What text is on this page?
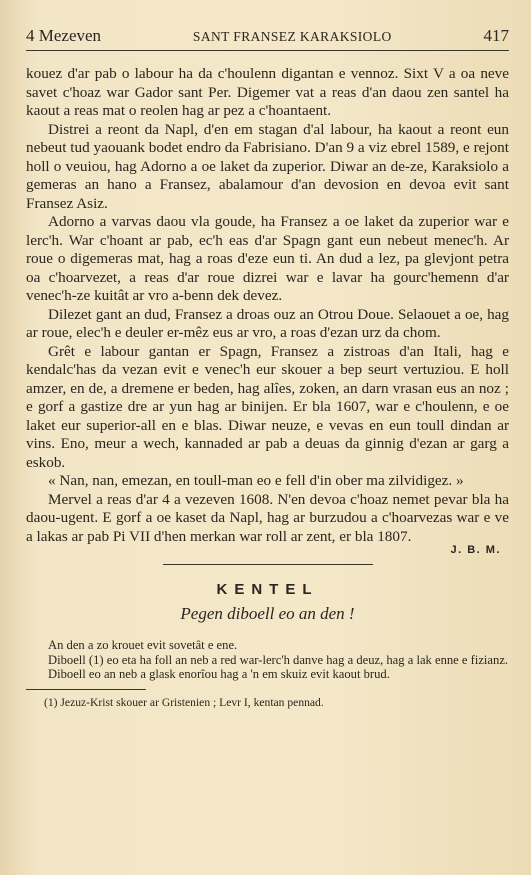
4 Mezeven	SANT FRANSEZ KARAKSIOLO	417

kouez d'ar pab o labour ha da c'houlenn digantan e vennoz. Sixt V a oa neve savet c'hoaz war Gador sant Per. Digemer vat a reas d'an daou zen santel ha kaout a reas mat o reolen hag ar pez a c'hoantaent.

Distrei a reont da Napl, d'en em stagan d'al labour, ha kaout a reont eun nebeut tud yaouank bodet endro da Fabrisiano. D'an 9 a viz ebrel 1589, e rejont holl o veuiou, hag Adorno a oe laket da zuperior. Diwar an de-ze, Karaksiolo a gemeras an hano a Fransez, abalamour d'an devosion en devoa evit sant Fransez Asiz.

Adorno a varvas daou vla goude, ha Fransez a oe laket da zuperior war e lerc'h. War c'hoant ar pab, ec'h eas d'ar Spagn gant eun nebeut menec'h. Ar roue o digemeras mat, hag a roas d'eze eun ti. An dud a lez, pa glevjont petra oa c'hoarvezet, a reas d'ar roue dizrei war e lavar ha gourc'hemenn d'ar venec'h-ze kuitât ar vro a-benn dek devez.

Dilezet gant an dud, Fransez a droas ouz an Otrou Doue. Selaouet a oe, hag ar roue, elec'h e deuler er-mêz eus ar vro, a roas d'ezan urz da chom.

Grêt e labour gantan er Spagn, Fransez a zistroas d'an Itali, hag e kendalc'has da vezan evit e venec'h eur skouer a bep seurt vertuziou. E holl amzer, en de, a dremene er beden, hag alîes, zoken, an darn vrasan eus an noz ; e gorf a gastize dre ar yun hag ar binijen. Er bla 1607, war e c'houlenn, e oe laket eur superior-all en e blas. Diwar neuze, e vevas en eun toull dindan ar vins. Eno, meur a wech, kannaded ar pab a deuas da ginnig d'ezan ar garg a eskob.

« Nan, nan, emezan, en toull-man eo e fell d'in ober ma zilvidigez. »

Mervel a reas d'ar 4 a vezeven 1608. N'en devoa c'hoaz nemet pevar bla ha daou-ugent. E gorf a oe kaset da Napl, hag ar burzudou a c'hoarvezas war e ve a lakas ar pab Pi VII d'hen merkan war roll ar zent, er bla 1807.

J. B. M.
KENTEL
Pegen diboell eo an den !

An den a zo krouet evit sovetât e ene.

Diboell (1) eo eta ha foll an neb a red war-lerc'h danve hag a deuz, hag a lak enne e fizianz.

Diboell eo an neb a glask enorîou hag a 'n em skuiz evit kaout brud.

(1) Jezuz-Krist skouer ar Gristenien ; Levr I, kentan pennad.
